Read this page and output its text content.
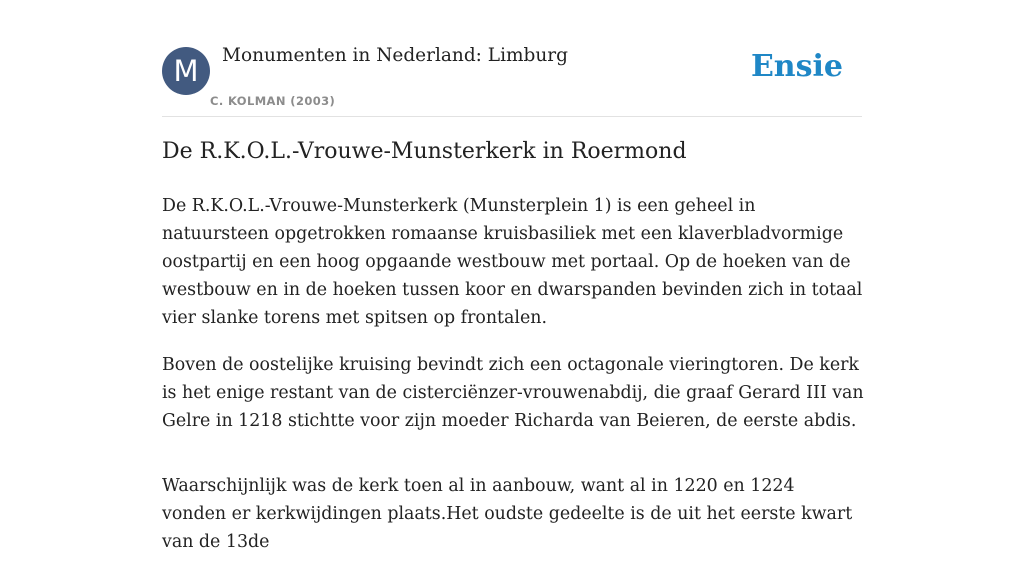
M	Monumenten in Nederland: Limburg
C. KOLMAN (2003)
Ensie
De R.K.O.L.-Vrouwe-Munsterkerk in Roermond

De R.K.O.L.-Vrouwe-Munsterkerk (Munsterplein 1) is een geheel in natuursteen opgetrokken romaanse kruisbasiliek met een klaverbladvormige oostpartij en een hoog opgaande westbouw met portaal. Op de hoeken van de westbouw en in de hoeken tussen koor en dwarspanden bevinden zich in totaal vier slanke torens met spitsen op frontalen.

Boven de oostelijke kruising bevindt zich een octagonale vieringtoren. De kerk is het enige restant van de cisterciënzer-vrouwenabdij, die graaf Gerard III van Gelre in 1218 stichtte voor zijn moeder Richarda van Beieren, de eerste abdis.

Waarschijnlijk was de kerk toen al in aanbouw, want al in 1220 en 1224 vonden er kerkwijdingen plaats.Het oudste gedeelte is de uit het eerste kwart van de 13de
